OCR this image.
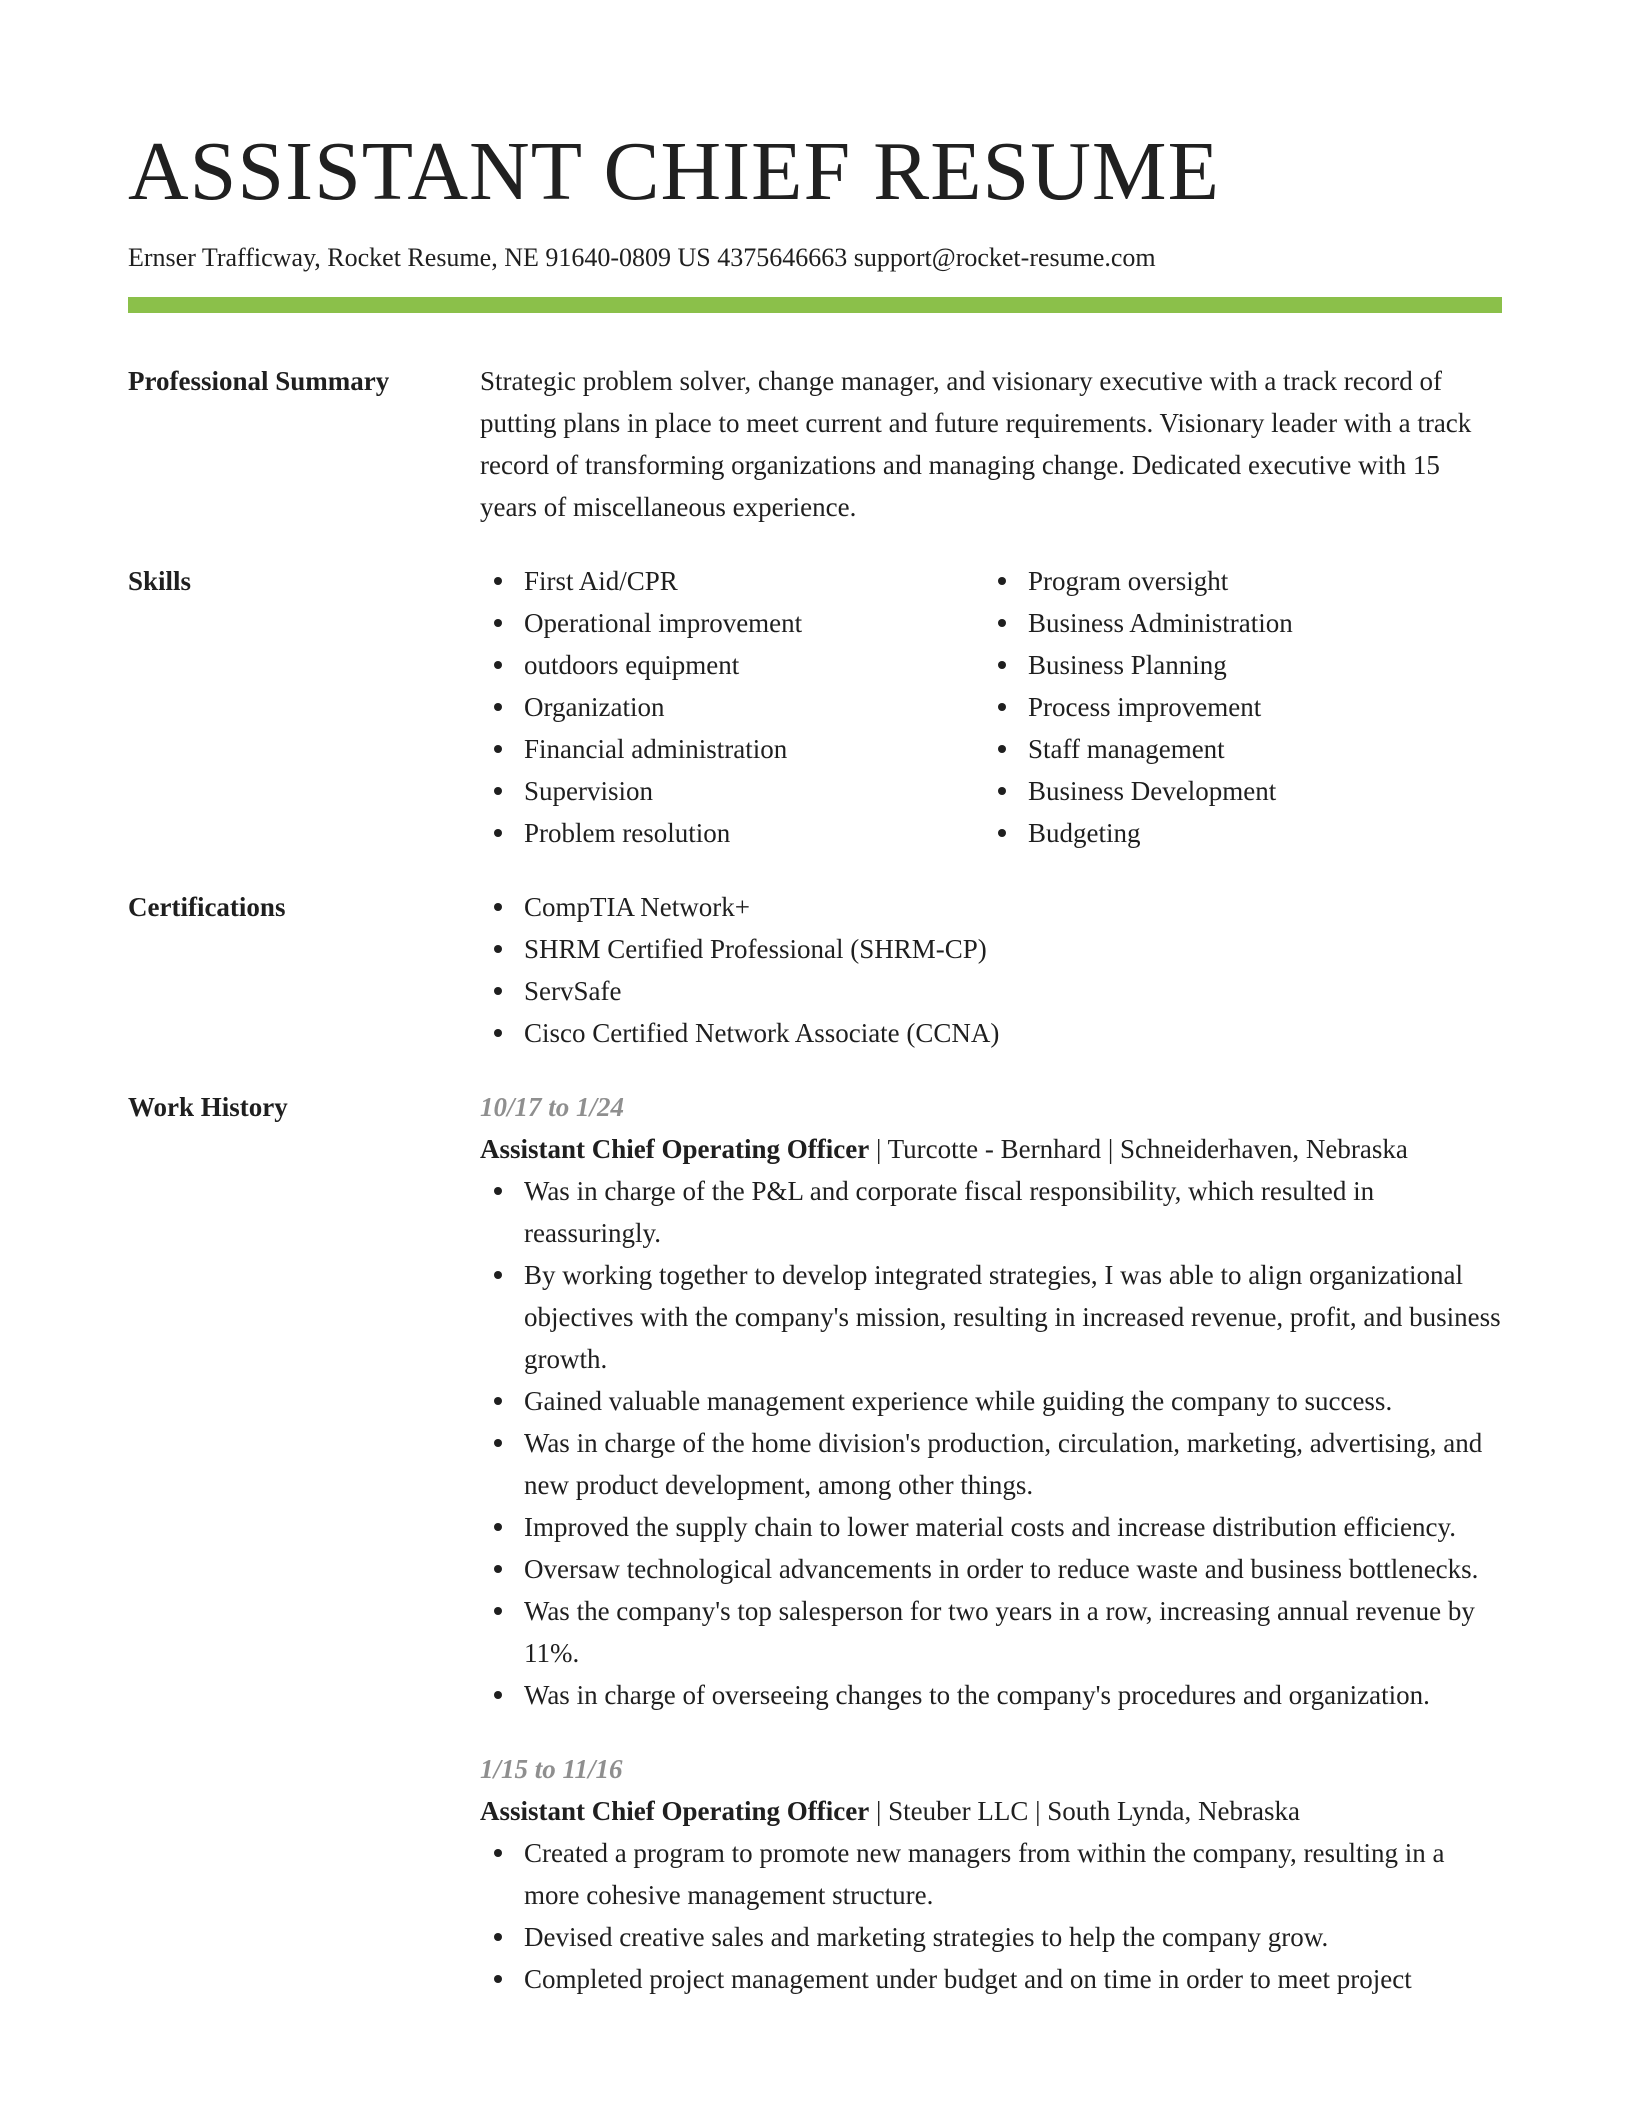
ASSISTANT CHIEF RESUME
Ernser Trafficway, Rocket Resume, NE 91640-0809 US 4375646663 support@rocket-resume.com
Professional Summary	Strategic problem solver, change manager, and visionary executive with a track record of putting plans in place to meet current and future requirements. Visionary leader with a track record of transforming organizations and managing change. Dedicated executive with 15 years of miscellaneous experience.
Skills	First Aid/CPR
Operational improvement
outdoors equipment
Organization
Financial administration
Supervision
Problem resolution
Program oversight
Business Administration
Business Planning
Process improvement
Staff management
Business Development
Budgeting
Certifications	CompTIA Network+
SHRM Certified Professional (SHRM-CP)
ServSafe
Cisco Certified Network Associate (CCNA)
Work History	10/17 to 1/24
Assistant Chief Operating Officer | Turcotte - Bernhard | Schneiderhaven, Nebraska
Was in charge of the P&L and corporate fiscal responsibility, which resulted in reassuringly.
By working together to develop integrated strategies, I was able to align organizational objectives with the company's mission, resulting in increased revenue, profit, and business growth.
Gained valuable management experience while guiding the company to success.
Was in charge of the home division's production, circulation, marketing, advertising, and new product development, among other things.
Improved the supply chain to lower material costs and increase distribution efficiency.
Oversaw technological advancements in order to reduce waste and business bottlenecks.
Was the company's top salesperson for two years in a row, increasing annual revenue by 11%.
Was in charge of overseeing changes to the company's procedures and organization.
1/15 to 11/16
Assistant Chief Operating Officer | Steuber LLC | South Lynda, Nebraska
Created a program to promote new managers from within the company, resulting in a more cohesive management structure.
Devised creative sales and marketing strategies to help the company grow.
Completed project management under budget and on time in order to meet project
